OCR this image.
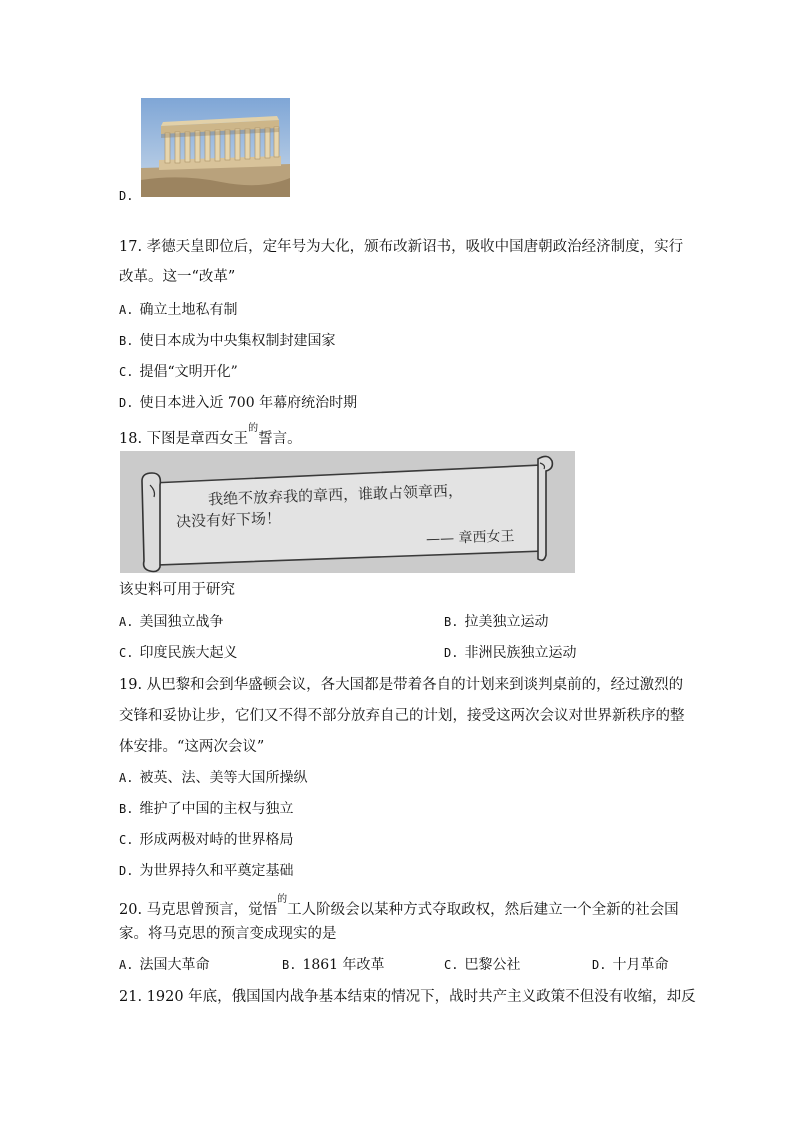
D.
17. 孝德天皇即位后，定年号为大化，颁布改新诏书，吸收中国唐朝政治经济制度，实行
改革。这一“改革”
A. 确立土地私有制
B. 使日本成为中央集权制封建国家
C. 提倡“文明开化”
D. 使日本进入近 700 年幕府统治时期
18. 下图是章西女王$^的$誓言。
我绝不放弃我的章西，谁敢占领章西，
决没有好下场！
—— 章西女王
该史料可用于研究
A. 美国独立战争	B. 拉美独立运动
C. 印度民族大起义	D. 非洲民族独立运动
19. 从巴黎和会到华盛顿会议，各大国都是带着各自的计划来到谈判桌前的，经过激烈的
交锋和妥协让步，它们又不得不部分放弃自己的计划，接受这两次会议对世界新秩序的整
体安排。“这两次会议”
A. 被英、法、美等大国所操纵
B. 维护了中国的主权与独立
C. 形成两极对峙的世界格局
D. 为世界持久和平奠定基础
20. 马克思曾预言，觉悟$^的$工人阶级会以某种方式夺取政权，然后建立一个全新的社会国
家。将马克思的预言变成现实的是
A. 法国大革命	B. 1861 年改革	C. 巴黎公社	D. 十月革命
21. 1920 年底，俄国国内战争基本结束的情况下，战时共产主义政策不但没有收缩，却反
